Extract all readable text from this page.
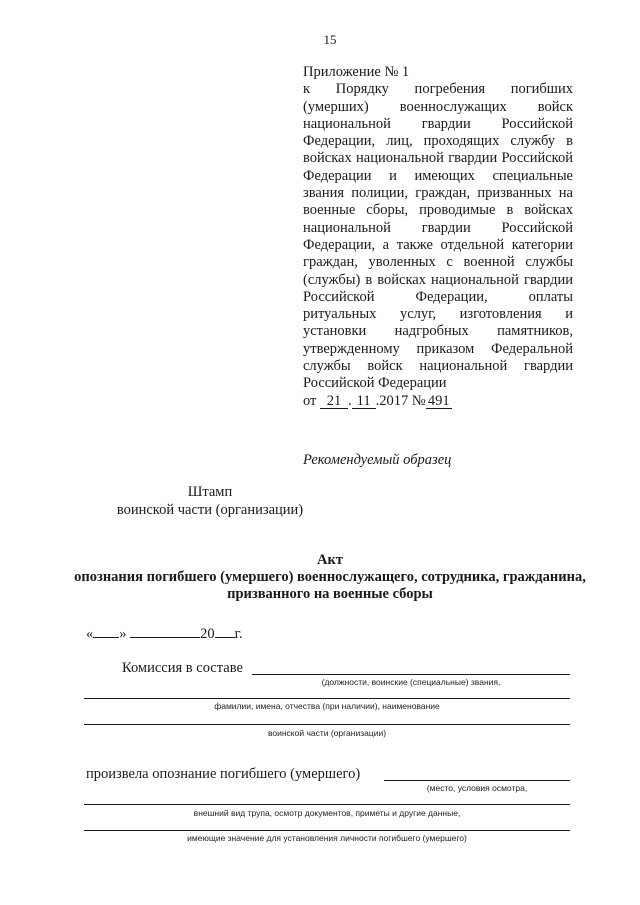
15
Приложение № 1
к Порядку погребения погибших (умерших) военнослужащих войск национальной гвардии Российской Федерации, лиц, проходящих службу в войсках национальной гвардии Российской Федерации и имеющих специальные звания полиции, граждан, призванных на военные сборы, проводимые в войсках национальной гвардии Российской Федерации, а также отдельной категории граждан, уволенных с военной службы (службы) в войсках национальной гвардии Российской Федерации, оплаты ритуальных услуг, изготовления и установки надгробных памятников, утвержденному приказом Федеральной службы войск национальной гвардии Российской Федерации
от 21 . 11 .2017 № 491
Рекомендуемый образец
Штамп
воинской части (организации)
Акт
опознания погибшего (умершего) военнослужащего, сотрудника, гражданина, призванного на военные сборы
« »	20 г.
Комиссия в составе
(должности, воинские (специальные) звания,
фамилии, имена, отчества (при наличии), наименование
воинской части (организации)
произвела опознание погибшего (умершего)
(место, условия осмотра,
внешний вид трупа, осмотр документов, приметы и другие данные,
имеющие значение для установления личности погибшего (умершего)
